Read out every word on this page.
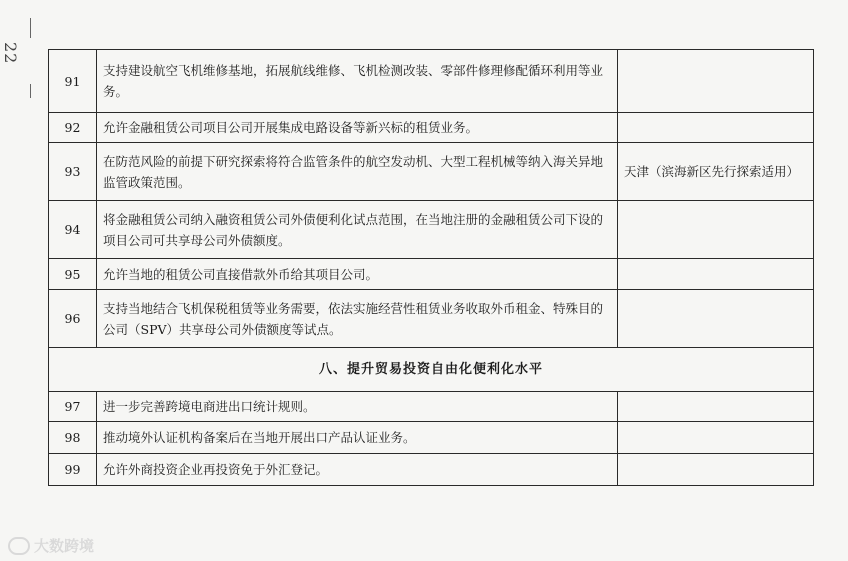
22
91	支持建设航空飞机维修基地，拓展航线维修、飞机检测改装、零部件修理修配循环利用等业务。	
92	允许金融租赁公司项目公司开展集成电路设备等新兴标的租赁业务。	
93	在防范风险的前提下研究探索将符合监管条件的航空发动机、大型工程机械等纳入海关异地监管政策范围。	天津（滨海新区先行探索适用）
94	将金融租赁公司纳入融资租赁公司外债便利化试点范围，在当地注册的金融租赁公司下设的项目公司可共享母公司外债额度。	
95	允许当地的租赁公司直接借款外币给其项目公司。	
96	支持当地结合飞机保税租赁等业务需要，依法实施经营性租赁业务收取外币租金、特殊目的公司（SPV）共享母公司外债额度等试点。	
八、提升贸易投资自由化便利化水平		
97	进一步完善跨境电商进出口统计规则。	
98	推动境外认证机构备案后在当地开展出口产品认证业务。	
99	允许外商投资企业再投资免于外汇登记。	
大数跨境
